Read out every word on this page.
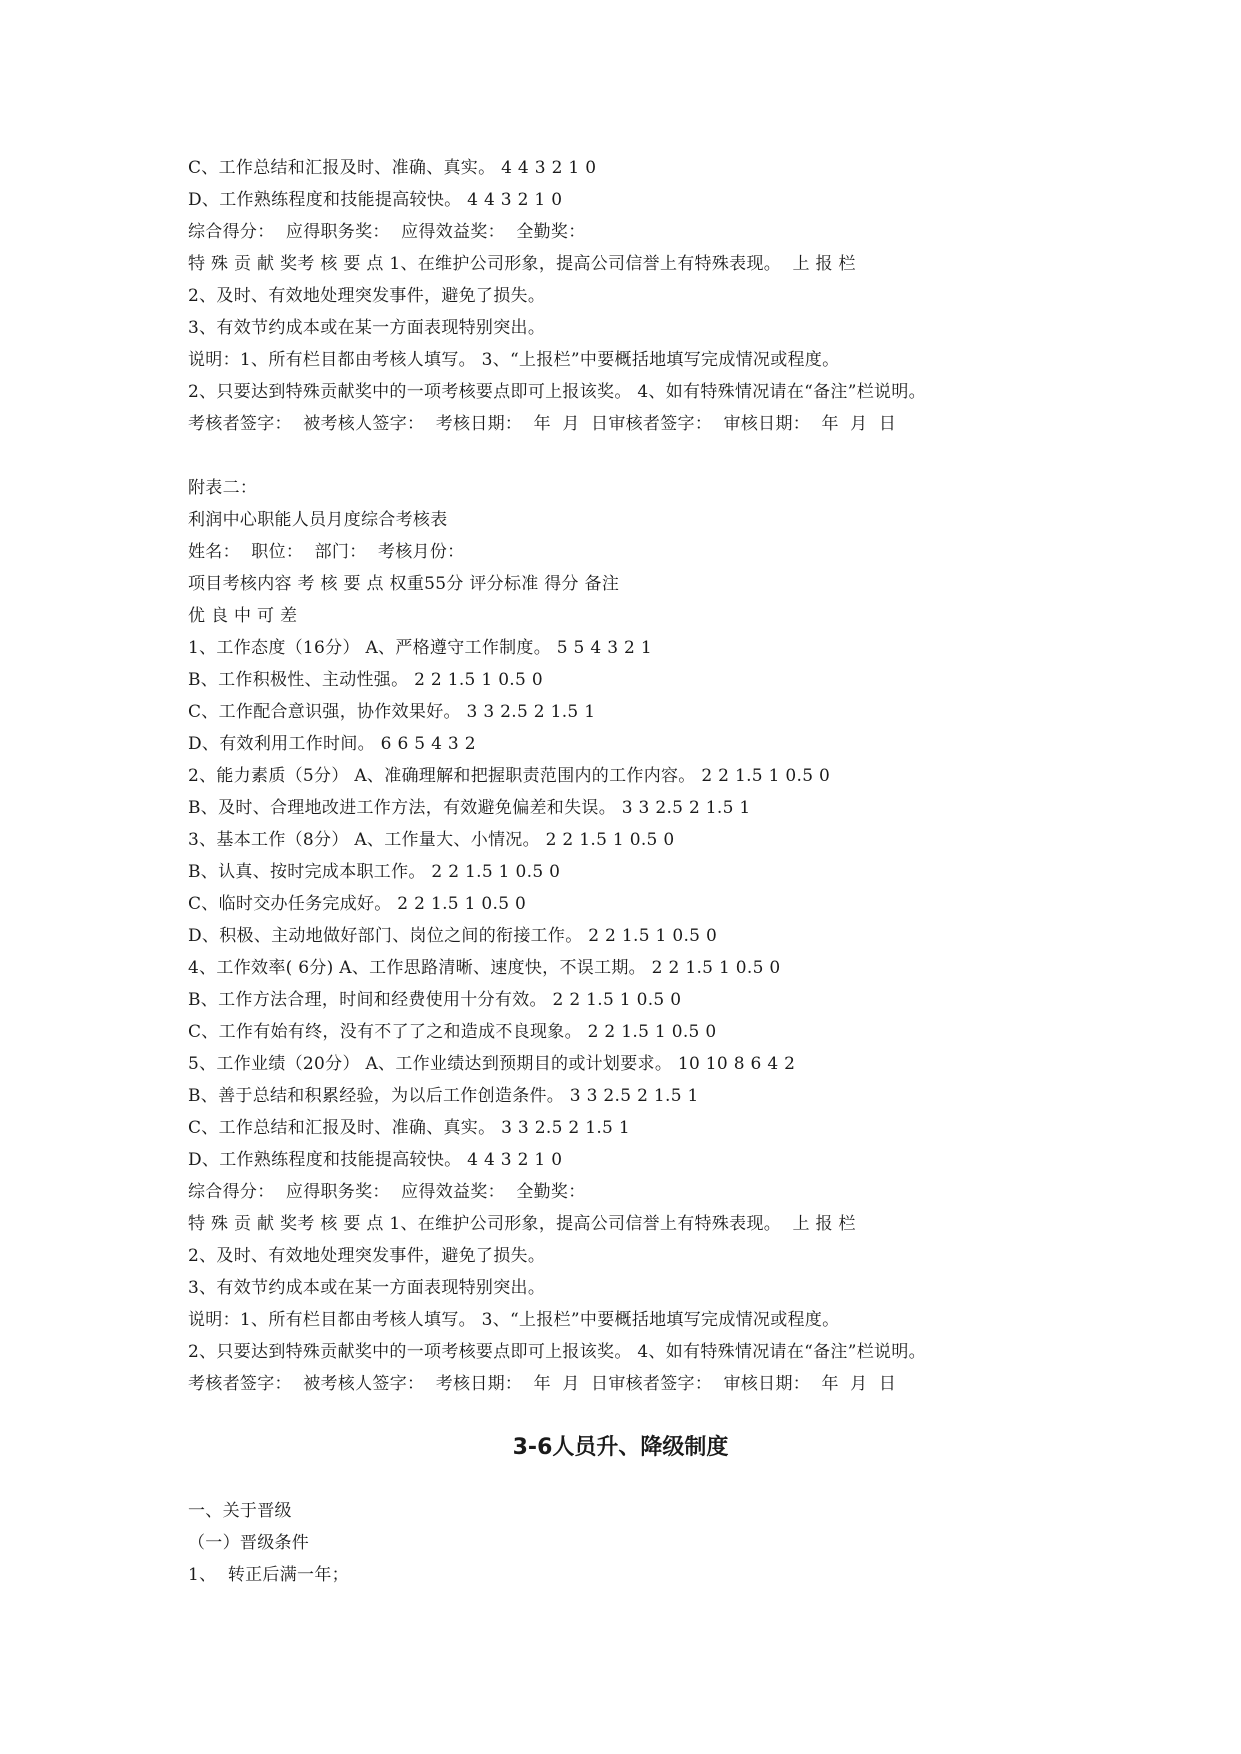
C、工作总结和汇报及时、准确、真实。 4 4 3 2 1 0
D、工作熟练程度和技能提高较快。 4 4 3 2 1 0
综合得分：  应得职务奖：  应得效益奖：  全勤奖：
特 殊 贡 献 奖考 核 要 点 1、在维护公司形象，提高公司信誉上有特殊表现。  上 报 栏
2、及时、有效地处理突发事件，避免了损失。
3、有效节约成本或在某一方面表现特别突出。
说明：1、所有栏目都由考核人填写。 3、“上报栏”中要概括地填写完成情况或程度。
2、只要达到特殊贡献奖中的一项考核要点即可上报该奖。 4、如有特殊情况请在“备注”栏说明。
考核者签字：  被考核人签字：  考核日期：  年  月  日审核者签字：  审核日期：  年  月  日
附表二：
利润中心职能人员月度综合考核表
姓名：  职位：  部门：  考核月份：
项目考核内容 考 核 要 点 权重55分 评分标准 得分 备注
优 良 中 可 差
1、工作态度（16分） A、严格遵守工作制度。 5 5 4 3 2 1
B、工作积极性、主动性强。 2 2 1.5 1 0.5 0
C、工作配合意识强，协作效果好。 3 3 2.5 2 1.5 1
D、有效利用工作时间。 6 6 5 4 3 2
2、能力素质（5分） A、准确理解和把握职责范围内的工作内容。 2 2 1.5 1 0.5 0
B、及时、合理地改进工作方法，有效避免偏差和失误。 3 3 2.5 2 1.5 1
3、基本工作（8分） A、工作量大、小情况。 2 2 1.5 1 0.5 0
B、认真、按时完成本职工作。 2 2 1.5 1 0.5 0
C、临时交办任务完成好。 2 2 1.5 1 0.5 0
D、积极、主动地做好部门、岗位之间的衔接工作。 2 2 1.5 1 0.5 0
4、工作效率( 6分) A、工作思路清晰、速度快，不误工期。 2 2 1.5 1 0.5 0
B、工作方法合理，时间和经费使用十分有效。 2 2 1.5 1 0.5 0
C、工作有始有终，没有不了了之和造成不良现象。 2 2 1.5 1 0.5 0
5、工作业绩（20分） A、工作业绩达到预期目的或计划要求。 10 10 8 6 4 2
B、善于总结和积累经验，为以后工作创造条件。 3 3 2.5 2 1.5 1
C、工作总结和汇报及时、准确、真实。 3 3 2.5 2 1.5 1
D、工作熟练程度和技能提高较快。 4 4 3 2 1 0
综合得分：  应得职务奖：  应得效益奖：  全勤奖：
特 殊 贡 献 奖考 核 要 点 1、在维护公司形象，提高公司信誉上有特殊表现。  上 报 栏
2、及时、有效地处理突发事件，避免了损失。
3、有效节约成本或在某一方面表现特别突出。
说明：1、所有栏目都由考核人填写。 3、“上报栏”中要概括地填写完成情况或程度。
2、只要达到特殊贡献奖中的一项考核要点即可上报该奖。 4、如有特殊情况请在“备注”栏说明。
考核者签字：  被考核人签字：  考核日期：  年  月  日审核者签字：  审核日期：  年  月  日
3-6人员升、降级制度
一、关于晋级
（一）晋级条件
1、  转正后满一年；
